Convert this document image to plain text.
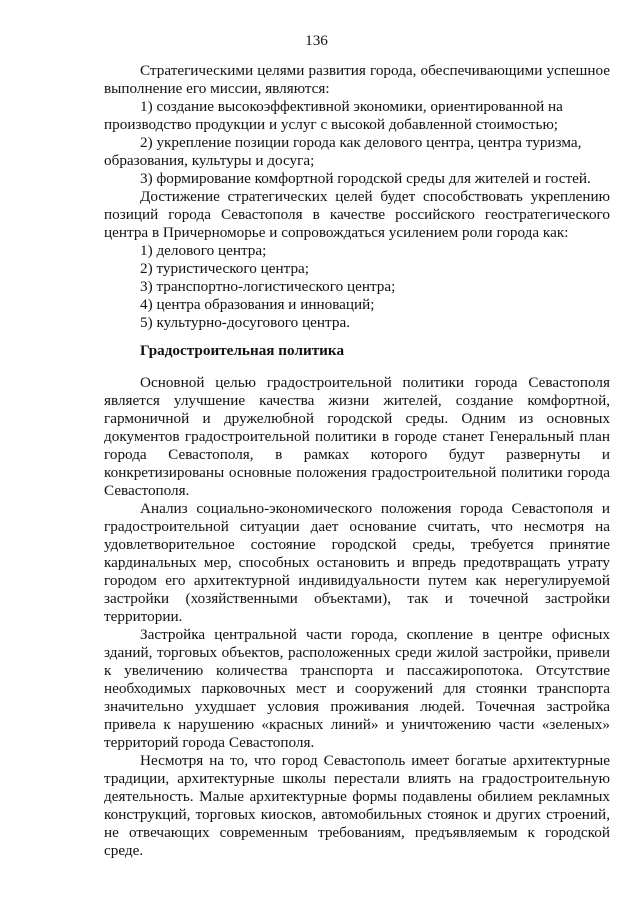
136

Стратегическими целями развития города, обеспечивающими успешное выполнение его миссии, являются:

1) создание высокоэффективной экономики, ориентированной на производство продукции и услуг с высокой добавленной стоимостью;

2) укрепление позиции города как делового центра, центра туризма, образования, культуры и досуга;

3) формирование комфортной городской среды для жителей и гостей.

Достижение стратегических целей будет способствовать укреплению позиций города Севастополя в качестве российского геостратегического центра в Причерноморье и сопровождаться усилением роли города как:

1) делового центра;

2) туристического центра;

3) транспортно-логистического центра;

4) центра образования и инноваций;

5) культурно-досугового центра.

Градостроительная политика

Основной целью градостроительной политики города Севастополя является улучшение качества жизни жителей, создание комфортной, гармоничной и дружелюбной городской среды. Одним из основных документов градостроительной политики в городе станет Генеральный план города Севастополя, в рамках которого будут развернуты и конкретизированы основные положения градостроительной политики города Севастополя.

Анализ социально-экономического положения города Севастополя и градостроительной ситуации дает основание считать, что несмотря на удовлетворительное состояние городской среды, требуется принятие кардинальных мер, способных остановить и впредь предотвращать утрату городом его архитектурной индивидуальности путем как нерегулируемой застройки (хозяйственными объектами), так и точечной застройки территории.

Застройка центральной части города, скопление в центре офисных зданий, торговых объектов, расположенных среди жилой застройки, привели к увеличению количества транспорта и пассажиропотока. Отсутствие необходимых парковочных мест и сооружений для стоянки транспорта значительно ухудшает условия проживания людей. Точечная застройка привела к нарушению «красных линий» и уничтожению части «зеленых» территорий города Севастополя.

Несмотря на то, что город Севастополь имеет богатые архитектурные традиции, архитектурные школы перестали влиять на градостроительную деятельность. Малые архитектурные формы подавлены обилием рекламных конструкций, торговых киосков, автомобильных стоянок и других строений, не отвечающих современным требованиям, предъявляемым к городской среде.
